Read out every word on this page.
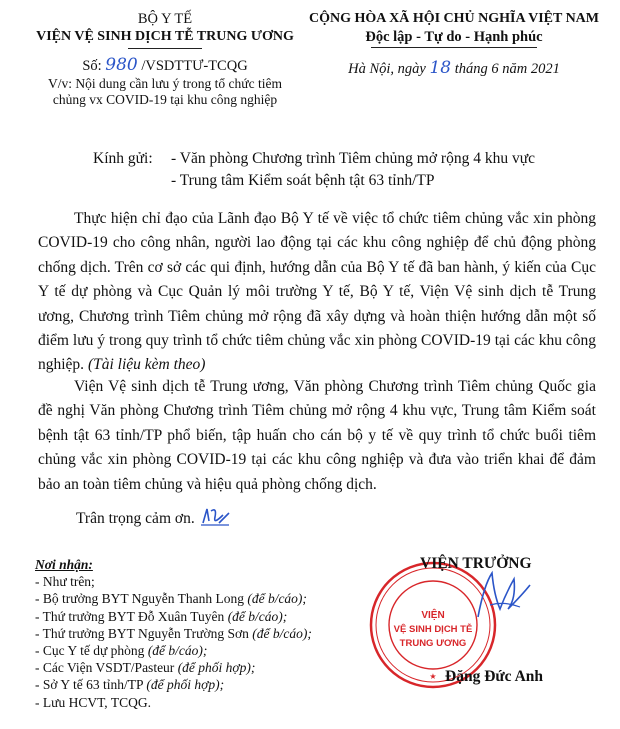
BỘ Y TẾ
VIỆN VỆ SINH DỊCH TỄ TRUNG ƯƠNG
Số: 980 /VSDTTƯ-TCQG
V/v: Nội dung cần lưu ý trong tổ chức tiêm
chủng vx COVID-19 tại khu công nghiệp
CỘNG HÒA XÃ HỘI CHỦ NGHĨA VIỆT NAM
Độc lập - Tự do - Hạnh phúc
Hà Nội, ngày 18 tháng 6 năm 2021
Kính gửi: - Văn phòng Chương trình Tiêm chủng mở rộng 4 khu vực
- Trung tâm Kiểm soát bệnh tật 63 tỉnh/TP
Thực hiện chỉ đạo của Lãnh đạo Bộ Y tế về việc tổ chức tiêm chủng vắc xin phòng COVID-19 cho công nhân, người lao động tại các khu công nghiệp để chủ động phòng chống dịch. Trên cơ sở các qui định, hướng dẫn của Bộ Y tế đã ban hành, ý kiến của Cục Y tế dự phòng và Cục Quản lý môi trường Y tế, Bộ Y tế, Viện Vệ sinh dịch tễ Trung ương, Chương trình Tiêm chủng mở rộng đã xây dựng và hoàn thiện hướng dẫn một số điểm lưu ý trong quy trình tổ chức tiêm chủng vắc xin phòng COVID-19 tại các khu công nghiệp. (Tài liệu kèm theo)
Viện Vệ sinh dịch tễ Trung ương, Văn phòng Chương trình Tiêm chủng Quốc gia đề nghị Văn phòng Chương trình Tiêm chủng mở rộng 4 khu vực, Trung tâm Kiểm soát bệnh tật 63 tỉnh/TP phổ biến, tập huấn cho cán bộ y tế về quy trình tổ chức buổi tiêm chủng vắc xin phòng COVID-19 tại các khu công nghiệp và đưa vào triển khai để đảm bảo an toàn tiêm chủng và hiệu quả phòng chống dịch.
Trân trọng cảm ơn.
Nơi nhận:
- Như trên;
- Bộ trưởng BYT Nguyễn Thanh Long (để b/cáo);
- Thứ trưởng BYT Đỗ Xuân Tuyên (để b/cáo);
- Thứ trưởng BYT Nguyễn Trường Sơn (để b/cáo);
- Cục Y tế dự phòng (để b/cáo);
- Các Viện VSDT/Pasteur (để phối hợp);
- Sở Y tế 63 tỉnh/TP (để phối hợp);
- Lưu HCVT, TCQG.
★
VIỆN
VỆ SINH DỊCH TỄ
TRUNG ƯƠNG
VIỆN TRƯỞNG
Đặng Đức Anh
